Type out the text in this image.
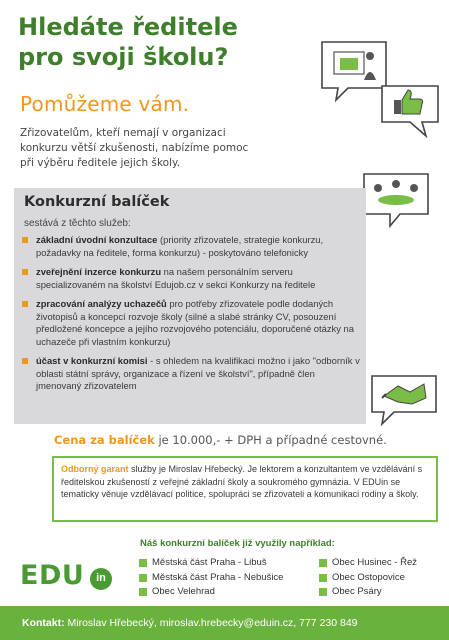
Hledáte ředitele
pro svoji školu?
Pomůžeme vám.
Zřizovatelům, kteří nemají v organizaci
konkurzu větší zkušenosti, nabízíme pomoc
při výběru ředitele jejich školy.
Konkurzní balíček
sestává z těchto služeb:
základní úvodní konzultace (priority zřizovatele, strategie konkurzu, požadavky na ředitele, forma konkurzu) - poskytováno telefonicky
zveřejnění inzerce konkurzu na našem personálním serveru specializovaném na školství Edujob.cz v sekci Konkurzy na ředitele
zpracování analýzy uchazečů pro potřeby zřizovatele podle dodaných životopisů a koncepcí rozvoje školy (silné a slabé stránky CV, posouzení předložené koncepce a jejího rozvojového potenciálu, doporučené otázky na uchazeče při vlastním konkurzu)
účast v konkurzní komisi - s ohledem na kvalifikaci možno i jako "odborník v oblasti státní správy, organizace a řízení ve školství", případně člen jmenovaný zřizovatelem
Cena za balíček je 10.000,- + DPH a případné cestovné.

Odborný garant služby je Miroslav Hřebecký. Je lektorem a konzultantem ve vzdělávání s ředitelskou zkušeností z veřejné základní školy a soukromého gymnázia. V EDUin se tematicky věnuje vzdělávací politice, spolupráci se zřizovateli a komunikaci rodiny a školy.

EDU	in
Náš konkurzní balíček již využily například:
Městská část Praha - Libuš
Městská část Praha - Nebušice
Obec Velehrad
Obec Husinec - Řež
Obec Ostopovice
Obec Psáry
Kontakt: Miroslav Hřebecký, miroslav.hrebecky@eduin.cz, 777 230 849
